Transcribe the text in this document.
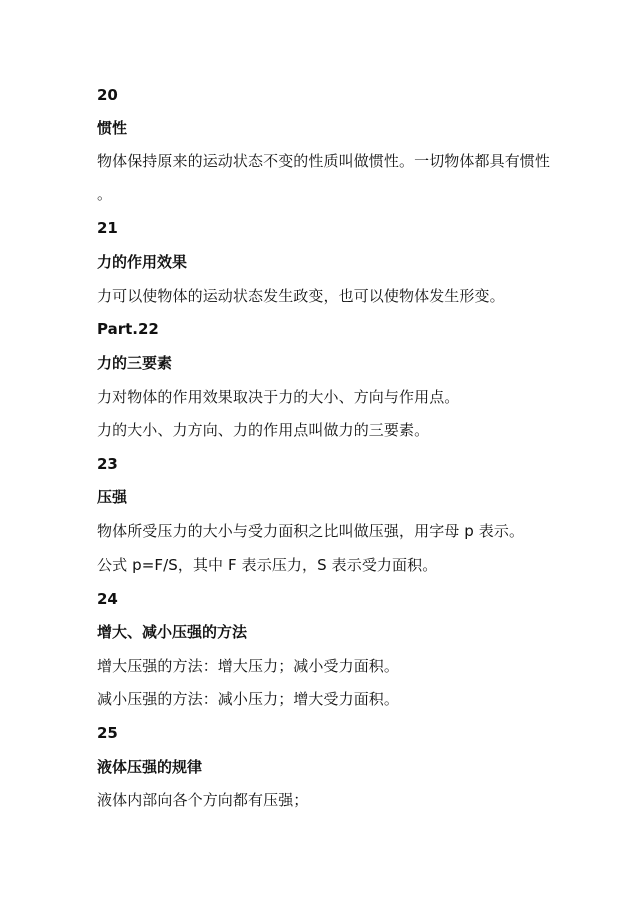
20
惯性
物体保持原来的运动状态不变的性质叫做惯性。一切物体都具有惯性
。
21
力的作用效果
力可以使物体的运动状态发生政变，也可以使物体发生形变。
Part.22
力的三要素
力对物体的作用效果取决于力的大小、方向与作用点。
力的大小、力方向、力的作用点叫做力的三要素。
23
压强
物体所受压力的大小与受力面积之比叫做压强，用字母 p 表示。
公式 p=F/S，其中 F 表示压力，S 表示受力面积。
24
增大、减小压强的方法
增大压强的方法：增大压力；减小受力面积。
减小压强的方法：减小压力；增大受力面积。
25
液体压强的规律
液体内部向各个方向都有压强；
